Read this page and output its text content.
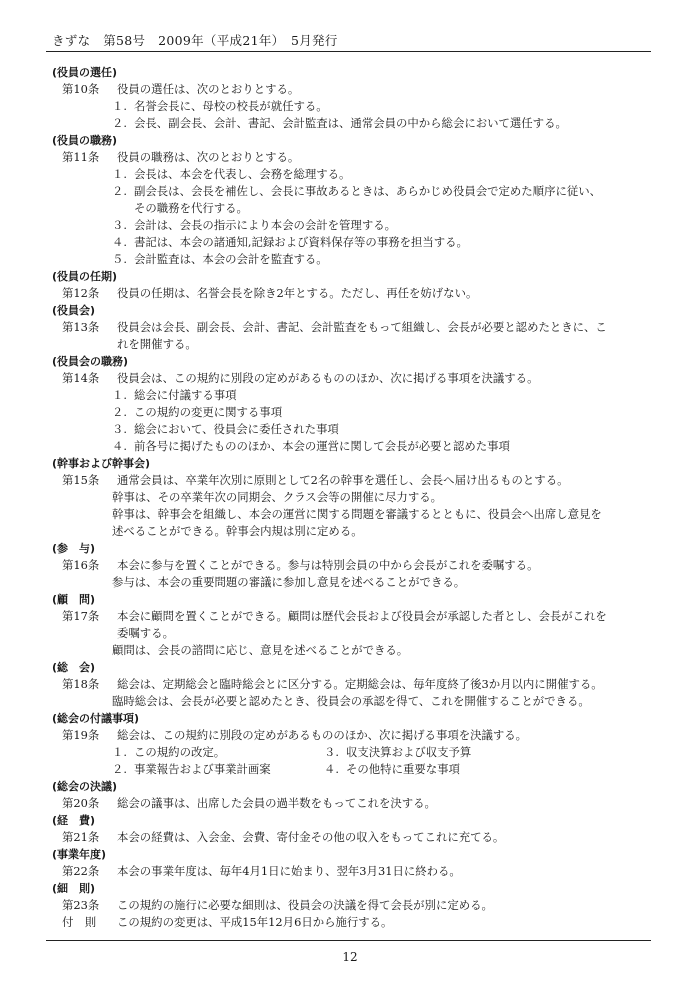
きずな　第58号　2009年（平成21年）　5月発行
(役員の選任)
第10条 役員の選任は、次のとおりとする。
１. 名誉会長に、母校の校長が就任する。
２. 会長、副会長、会計、書記、会計監査は、通常会員の中から総会において選任する。
(役員の職務)
第11条 役員の職務は、次のとおりとする。
１. 会長は、本会を代表し、会務を総理する。
２. 副会長は、会長を補佐し、会長に事故あるときは、あらかじめ役員会で定めた順序に従い、
その職務を代行する。
３. 会計は、会長の指示により本会の会計を管理する。
４. 書記は、本会の諸通知,記録および資料保存等の事務を担当する。
５. 会計監査は、本会の会計を監査する。
(役員の任期)
第12条 役員の任期は、名誉会長を除き2年とする。ただし、再任を妨げない。
(役員会)
第13条 役員会は会長、副会長、会計、書記、会計監査をもって組織し、会長が必要と認めたときに、こ
れを開催する。
(役員会の職務)
第14条 役員会は、この規約に別段の定めがあるもののほか、次に掲げる事項を決議する。
１. 総会に付議する事項
２. この規約の変更に関する事項
３. 総会において、役員会に委任された事項
４. 前各号に掲げたもののほか、本会の運営に関して会長が必要と認めた事項
(幹事および幹事会)
第15条 通常会員は、卒業年次別に原則として2名の幹事を選任し、会長へ届け出るものとする。
幹事は、その卒業年次の同期会、クラス会等の開催に尽力する。
幹事は、幹事会を組織し、本会の運営に関する問題を審議するとともに、役員会へ出席し意見を
述べることができる。幹事会内規は別に定める。
(参　与)
第16条 本会に参与を置くことができる。参与は特別会員の中から会長がこれを委嘱する。
参与は、本会の重要問題の審議に参加し意見を述べることができる。
(顧　問)
第17条 本会に顧問を置くことができる。顧問は歴代会長および役員会が承認した者とし、会長がこれを
委嘱する。
顧問は、会長の諮問に応じ、意見を述べることができる。
(総　会)
第18条 総会は、定期総会と臨時総会とに区分する。定期総会は、毎年度終了後3か月以内に開催する。
臨時総会は、会長が必要と認めたとき、役員会の承認を得て、これを開催することができる。
(総会の付議事項)
第19条 総会は、この規約に別段の定めがあるもののほか、次に掲げる事項を決議する。
１. この規約の改定。	３. 収支決算および収支予算
２. 事業報告および事業計画案	４. その他特に重要な事項
(総会の決議)
第20条 総会の議事は、出席した会員の過半数をもってこれを決する。
(経　費)
第21条 本会の経費は、入会金、会費、寄付金その他の収入をもってこれに充てる。
(事業年度)
第22条 本会の事業年度は、毎年4月1日に始まり、翌年3月31日に終わる。
(細　則)
第23条 この規約の施行に必要な細則は、役員会の決議を得て会長が別に定める。
付　則 この規約の変更は、平成15年12月6日から施行する。
12
